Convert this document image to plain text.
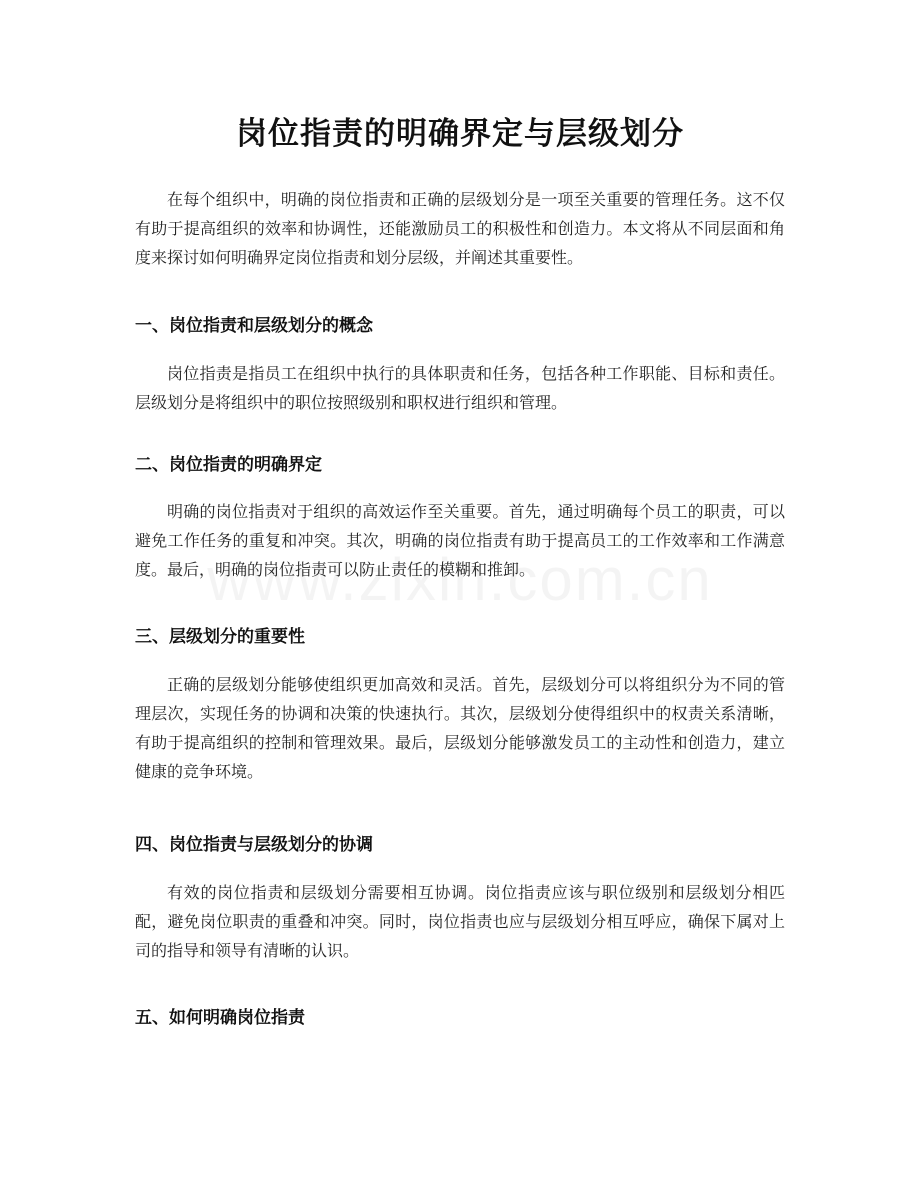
岗位指责的明确界定与层级划分

在每个组织中，明确的岗位指责和正确的层级划分是一项至关重要的管理任务。这不仅有助于提高组织的效率和协调性，还能激励员工的积极性和创造力。本文将从不同层面和角度来探讨如何明确界定岗位指责和划分层级，并阐述其重要性。

一、岗位指责和层级划分的概念

岗位指责是指员工在组织中执行的具体职责和任务，包括各种工作职能、目标和责任。层级划分是将组织中的职位按照级别和职权进行组织和管理。

二、岗位指责的明确界定

明确的岗位指责对于组织的高效运作至关重要。首先，通过明确每个员工的职责，可以避免工作任务的重复和冲突。其次，明确的岗位指责有助于提高员工的工作效率和工作满意度。最后，明确的岗位指责可以防止责任的模糊和推卸。

三、层级划分的重要性

正确的层级划分能够使组织更加高效和灵活。首先，层级划分可以将组织分为不同的管理层次，实现任务的协调和决策的快速执行。其次，层级划分使得组织中的权责关系清晰，有助于提高组织的控制和管理效果。最后，层级划分能够激发员工的主动性和创造力，建立健康的竞争环境。

四、岗位指责与层级划分的协调

有效的岗位指责和层级划分需要相互协调。岗位指责应该与职位级别和层级划分相匹配，避免岗位职责的重叠和冲突。同时，岗位指责也应与层级划分相互呼应，确保下属对上司的指导和领导有清晰的认识。

五、如何明确岗位指责
